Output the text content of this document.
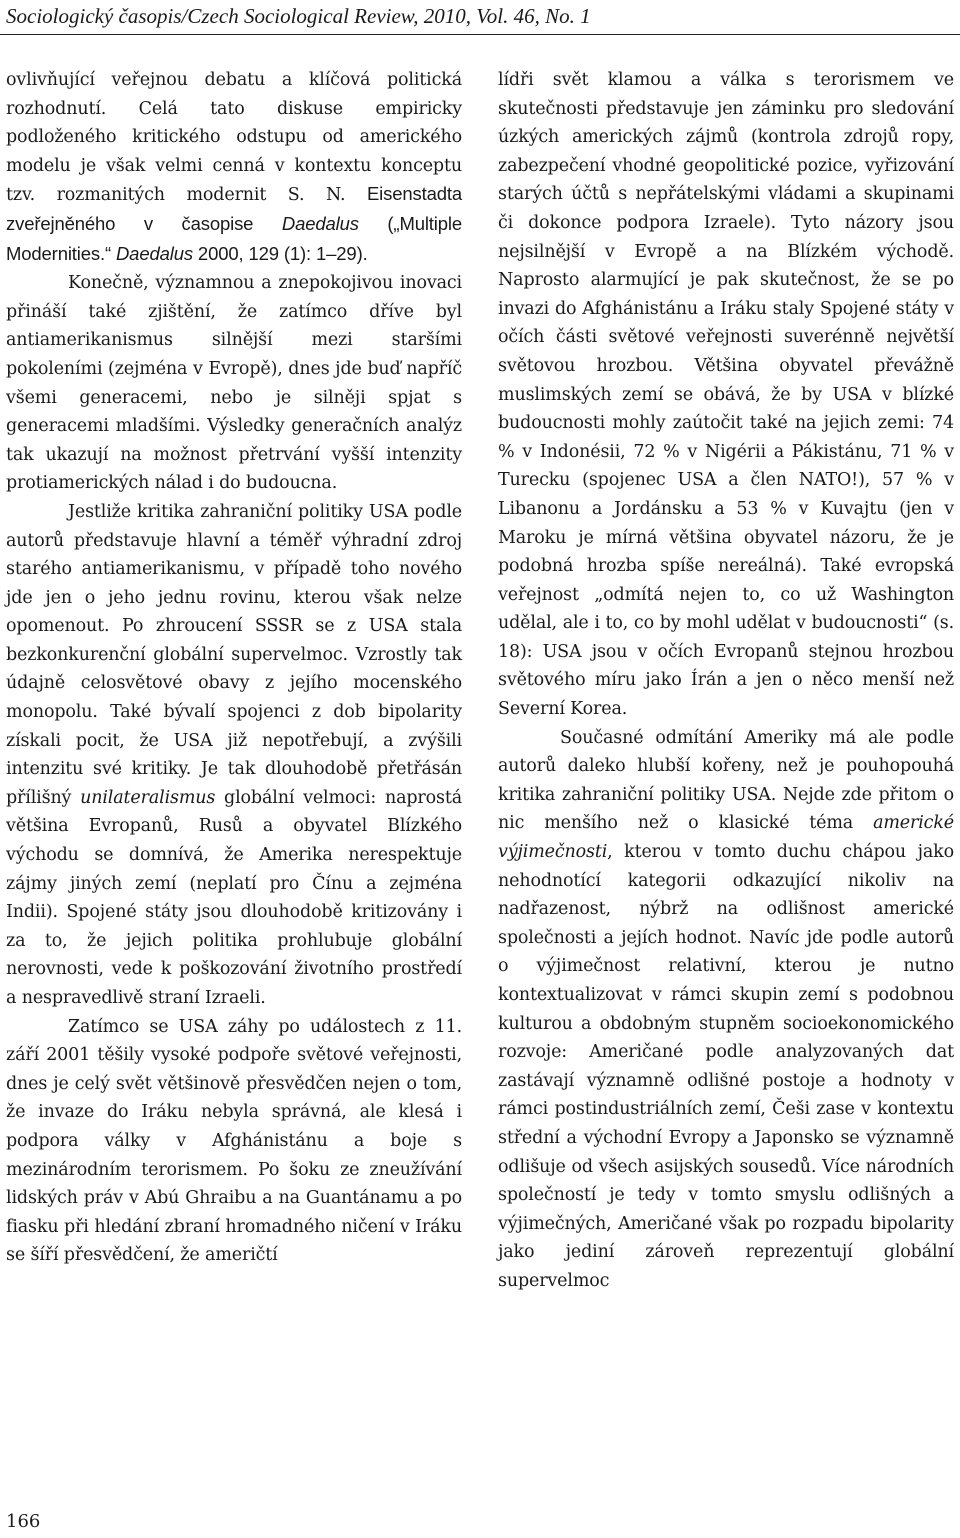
Sociologický časopis/Czech Sociological Review, 2010, Vol. 46, No. 1

ovlivňující veřejnou debatu a klíčová politická rozhodnutí. Celá tato diskuse empiricky podloženého kritického odstupu od amerického modelu je však velmi cenná v kontextu konceptu tzv. rozmanitých modernit S. N. Eisenstadta zveřejněného v časopise Daedalus („Multiple Modernities.“ Daedalus 2000, 129 (1): 1–29).

Konečně, významnou a znepokojivou inovaci přináší také zjištění, že zatímco dříve byl antiamerikanismus silnější mezi staršími pokoleními (zejména v Evropě), dnes jde buď napříč všemi generacemi, nebo je silněji spjat s generacemi mladšími. Výsledky generačních analýz tak ukazují na možnost přetrvání vyšší intenzity protiamerických nálad i do budoucna.

Jestliže kritika zahraniční politiky USA podle autorů představuje hlavní a téměř výhradní zdroj starého antiamerikanismu, v případě toho nového jde jen o jeho jednu rovinu, kterou však nelze opomenout. Po zhroucení SSSR se z USA stala bezkonkurenční globální supervelmoc. Vzrostly tak údajně celosvětové obavy z jejího mocenského monopolu. Také bývalí spojenci z dob bipolarity získali pocit, že USA již nepotřebují, a zvýšili intenzitu své kritiky. Je tak dlouhodobě přetřásán přílišný unilateralismus globální velmoci: naprostá většina Evropanů, Rusů a obyvatel Blízkého východu se domnívá, že Amerika nerespektuje zájmy jiných zemí (neplatí pro Čínu a zejména Indii). Spojené státy jsou dlouhodobě kritizovány i za to, že jejich politika prohlubuje globální nerovnosti, vede k poškozování životního prostředí a nespravedlivě straní Izraeli.

Zatímco se USA záhy po událostech z 11. září 2001 těšily vysoké podpoře světové veřejnosti, dnes je celý svět většinově přesvědčen nejen o tom, že invaze do Iráku nebyla správná, ale klesá i podpora války v Afghánistánu a boje s mezinárodním terorismem. Po šoku ze zneužívání lidských práv v Abú Ghraibu a na Guantánamu a po fiasku při hledání zbraní hromadného ničení v Iráku se šíří přesvědčení, že američtí

lídři svět klamou a válka s terorismem ve skutečnosti představuje jen záminku pro sledování úzkých amerických zájmů (kontrola zdrojů ropy, zabezpečení vhodné geopolitické pozice, vyřizování starých účtů s nepřátelskými vládami a skupinami či dokonce podpora Izraele). Tyto názory jsou nejsilnější v Evropě a na Blízkém východě. Naprosto alarmující je pak skutečnost, že se po invazi do Afghánistánu a Iráku staly Spojené státy v očích části světové veřejnosti suverénně největší světovou hrozbou. Většina obyvatel převážně muslimských zemí se obává, že by USA v blízké budoucnosti mohly zaútočit také na jejich zemi: 74 % v Indonésii, 72 % v Nigérii a Pákistánu, 71 % v Turecku (spojenec USA a člen NATO!), 57 % v Libanonu a Jordánsku a 53 % v Kuvajtu (jen v Maroku je mírná většina obyvatel názoru, že je podobná hrozba spíše nereálná). Také evropská veřejnost „odmítá nejen to, co už Washington udělal, ale i to, co by mohl udělat v budoucnosti“ (s. 18): USA jsou v očích Evropanů stejnou hrozbou světového míru jako Írán a jen o něco menší než Severní Korea.

Současné odmítání Ameriky má ale podle autorů daleko hlubší kořeny, než je pouhopouhá kritika zahraniční politiky USA. Nejde zde přitom o nic menšího než o klasické téma americké výjimečnosti, kterou v tomto duchu chápou jako nehodnotící kategorii odkazující nikoliv na nadřazenost, nýbrž na odlišnost americké společnosti a jejích hodnot. Navíc jde podle autorů o výjimečnost relativní, kterou je nutno kontextualizovat v rámci skupin zemí s podobnou kulturou a obdobným stupněm socioekonomického rozvoje: Američané podle analyzovaných dat zastávají významně odlišné postoje a hodnoty v rámci postindustriálních zemí, Češi zase v kontextu střední a východní Evropy a Japonsko se významně odlišuje od všech asijských sousedů. Více národních společností je tedy v tomto smyslu odlišných a výjimečných, Američané však po rozpadu bipolarity jako jediní zároveň reprezentují globální supervelmoc

166
